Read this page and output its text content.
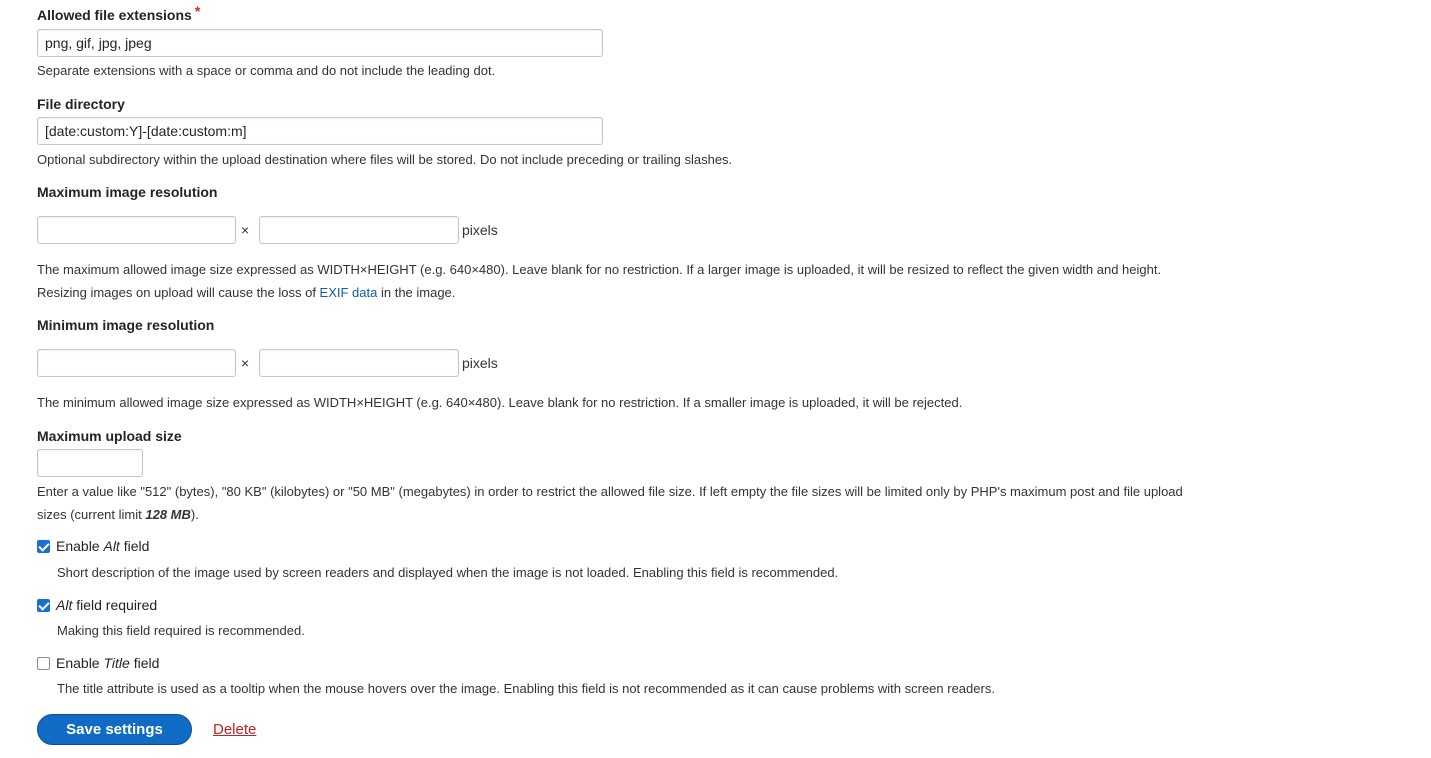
Allowed file extensions *
png, gif, jpg, jpeg
Separate extensions with a space or comma and do not include the leading dot.
File directory
[date:custom:Y]-[date:custom:m]
Optional subdirectory within the upload destination where files will be stored. Do not include preceding or trailing slashes.
Maximum image resolution
×	pixels
The maximum allowed image size expressed as WIDTH×HEIGHT (e.g. 640×480). Leave blank for no restriction. If a larger image is uploaded, it will be resized to reflect the given width and height.
Resizing images on upload will cause the loss of EXIF data in the image.
Minimum image resolution
×	pixels
The minimum allowed image size expressed as WIDTH×HEIGHT (e.g. 640×480). Leave blank for no restriction. If a smaller image is uploaded, it will be rejected.
Maximum upload size
Enter a value like "512" (bytes), "80 KB" (kilobytes) or "50 MB" (megabytes) in order to restrict the allowed file size. If left empty the file sizes will be limited only by PHP's maximum post and file upload
sizes (current limit 128 MB).
Enable Alt field
Short description of the image used by screen readers and displayed when the image is not loaded. Enabling this field is recommended.
Alt field required
Making this field required is recommended.
Enable Title field
The title attribute is used as a tooltip when the mouse hovers over the image. Enabling this field is not recommended as it can cause problems with screen readers.
Save settings	Delete
